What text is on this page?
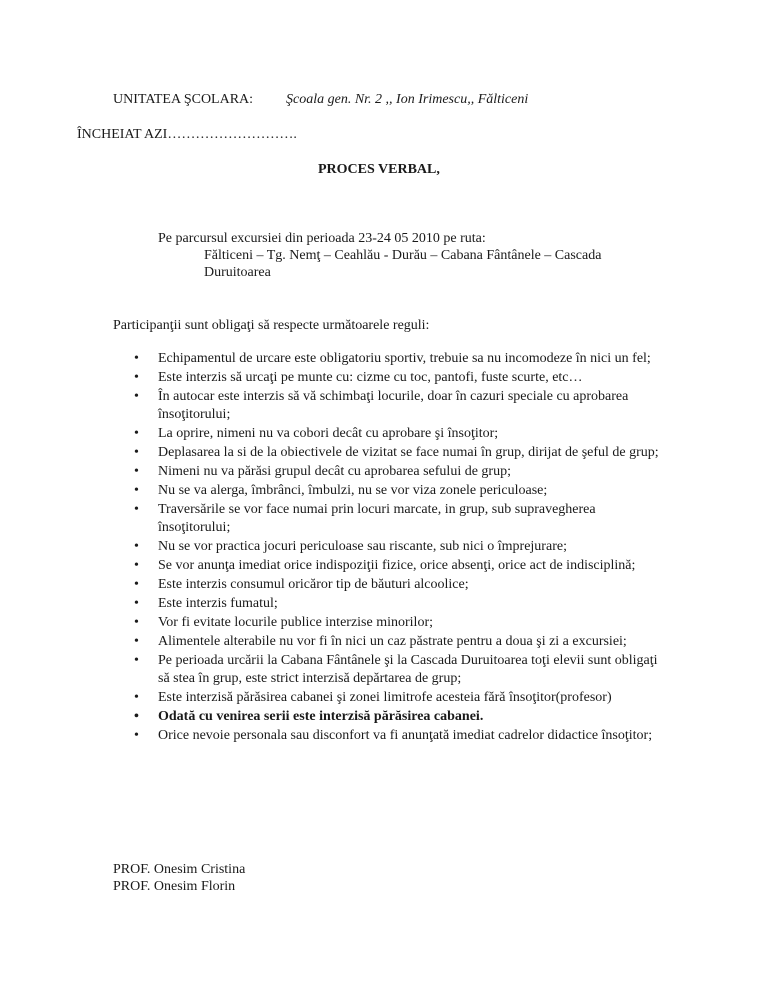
UNITATEA ŞCOLARA: Şcoala gen. Nr. 2 ,, Ion Irimescu,, Fălticeni
ÎNCHEIAT AZI……………………….
PROCES VERBAL,
Pe parcursul excursiei din perioada 23-24 05 2010 pe ruta:
Fălticeni – Tg. Nemţ – Ceahlău - Durău – Cabana Fântânele – Cascada
Duruitoarea
Participanţii sunt obligaţi să respecte următoarele reguli:
• Echipamentul de urcare este obligatoriu sportiv, trebuie sa nu incomodeze în nici un fel;
• Este interzis să urcaţi pe munte cu: cizme cu toc, pantofi, fuste scurte, etc…
• În autocar este interzis să vă schimbaţi locurile, doar în cazuri speciale cu aprobarea însoţitorului;
• La oprire, nimeni nu va cobori decât cu aprobare şi însoţitor;
• Deplasarea la si de la obiectivele de vizitat se face numai în grup, dirijat de şeful de grup;
• Nimeni nu va părăsi grupul decât cu aprobarea sefului de grup;
• Nu se va alerga, îmbrânci, îmbulzi, nu se vor viza zonele periculoase;
• Traversările se vor face numai prin locuri marcate, in grup, sub supravegherea însoţitorului;
• Nu se vor practica jocuri periculoase sau riscante, sub nici o împrejurare;
• Se vor anunţa imediat orice indispoziţii fizice, orice absenţi, orice act de indisciplină;
• Este interzis consumul oricăror tip de băuturi alcoolice;
• Este interzis fumatul;
• Vor fi evitate locurile publice interzise minorilor;
• Alimentele alterabile nu vor fi în nici un caz păstrate pentru a doua şi zi a excursiei;
• Pe perioada urcării la Cabana Fântânele şi la Cascada Duruitoarea toţi elevii sunt obligaţi să stea în grup, este strict interzisă depărtarea de grup;
• Este interzisă părăsirea cabanei şi zonei limitrofe acesteia fără însoţitor(profesor)
• Odată cu venirea serii este interzisă părăsirea cabanei.
• Orice nevoie personala sau disconfort va fi anunţată imediat cadrelor didactice însoţitor;
PROF. Onesim Cristina
PROF. Onesim Florin
